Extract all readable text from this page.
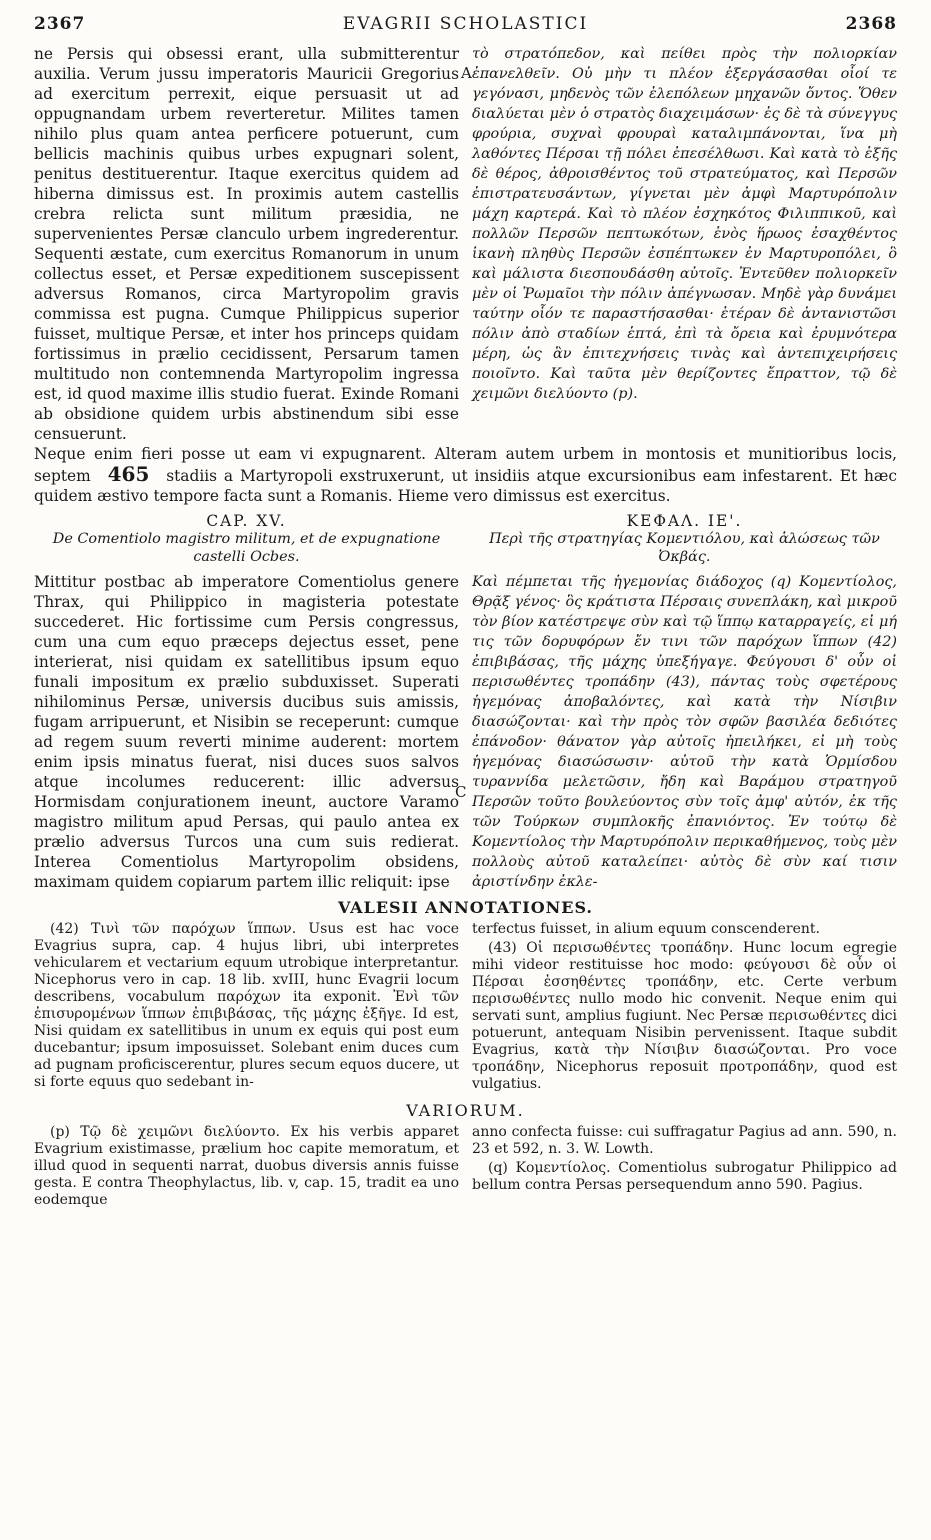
2367	EVAGRII SCHOLASTICI	2368
A
ne Persis qui obsessi erant, ulla submitterentur auxilia. Verum jussu imperatoris Mauricii Gregorius ad exercitum perrexit, eique persuasit ut ad oppugnandam urbem reverteretur. Milites tamen nihilo plus quam antea perficere potuerunt, cum bellicis machinis quibus urbes expugnari solent, penitus destituerentur. Itaque exercitus quidem ad hiberna dimissus est. In proximis autem castellis crebra relicta sunt militum præsidia, ne supervenientes Persæ clanculo urbem ingrederentur. Sequenti æstate, cum exercitus Romanorum in unum collectus esset, et Persæ expeditionem suscepissent adversus Romanos, circa Martyropolim gravis commissa est pugna. Cumque Philippicus superior fuisset, multique Persæ, et inter hos princeps quidam fortissimus in prælio cecidissent, Persarum tamen multitudo non contemnenda Martyropolim ingressa est, id quod maxime illis studio fuerat. Exinde Romani ab obsidione quidem urbis abstinendum sibi esse censuerunt.
τὸ στρατόπεδον, καὶ πείθει πρὸς τὴν πολιορκίαν ἐπανελθεῖν. Οὐ μὴν τι πλέον ἐξεργάσασθαι οἷοί τε γεγόνασι, μηδενὸς τῶν ἑλεπόλεων μηχανῶν ὄντος. Ὅθεν διαλύεται μὲν ὁ στρατὸς διαχειμάσων· ἐς δὲ τὰ σύνεγγυς φρούρια, συχναὶ φρουραὶ καταλιμπάνονται, ἵνα μὴ λαθόντες Πέρσαι τῇ πόλει ἐπεσέλθωσι. Καὶ κατὰ τὸ ἑξῆς δὲ θέρος, ἀθροισθέντος τοῦ στρατεύματος, καὶ Περσῶν ἐπιστρατευσάντων, γίγνεται μὲν ἀμφὶ Μαρτυρόπολιν μάχη καρτερά. Καὶ τὸ πλέον ἐσχηκότος Φιλιππικοῦ, καὶ πολλῶν Περσῶν πεπτωκότων, ἑνὸς ἥρωος ἐσαχθέντος ἱκανὴ πληθὺς Περσῶν ἐσπέπτωκεν ἐν Μαρτυροπόλει, ὃ καὶ μάλιστα διεσπουδάσθη αὐτοῖς. Ἐντεῦθεν πολιορκεῖν μὲν οἱ Ῥωμαῖοι τὴν πόλιν ἀπέγνωσαν. Μηδὲ γὰρ δυνάμει ταύτην οἷόν τε παραστήσασθαι· ἑτέραν δὲ ἀντανιστῶσι πόλιν ἀπὸ σταδίων ἑπτά, ἐπὶ τὰ ὄρεια καὶ ἐρυμνότερα μέρη, ὡς ἂν ἐπιτεχνήσεις τινὰς καὶ ἀντεπιχειρήσεις ποιοῖντο. Καὶ ταῦτα μὲν θερίζοντες ἔπραττον, τῷ δὲ χειμῶνι διελύοντο (p).
Neque enim fieri posse ut eam vi expugnarent. Alteram autem urbem in montosis et munitioribus locis, septem 465 stadiis a Martyropoli exstruxerunt, ut insidiis atque excursionibus eam infestarent. Et hæc quidem æstivo tempore facta sunt a Romanis. Hieme vero dimissus est exercitus.
C
CAP. XV.
De Comentiolo magistro militum, et de expugnatione castelli Ocbes.
Mittitur postbac ab imperatore Comentiolus genere Thrax, qui Philippico in magisteria potestate succederet. Hic fortissime cum Persis congressus, cum una cum equo præceps dejectus esset, pene interierat, nisi quidam ex satellitibus ipsum equo funali impositum ex prælio subduxisset. Superati nihilominus Persæ, universis ducibus suis amissis, fugam arripuerunt, et Nisibin se receperunt: cumque ad regem suum reverti minime auderent: mortem enim ipsis minatus fuerat, nisi duces suos salvos atque incolumes reducerent: illic adversus Hormisdam conjurationem ineunt, auctore Varamo magistro militum apud Persas, qui paulo antea ex prælio adversus Turcos una cum suis redierat. Interea Comentiolus Martyropolim obsidens, maximam quidem copiarum partem illic reliquit: ipse
ΚΕΦΑΛ. ΙΕ'.
Περὶ τῆς στρατηγίας Κομεντιόλου, καὶ ἁλώσεως τῶν Ὀκβάς.
Καὶ πέμπεται τῆς ἡγεμονίας διάδοχος (q) Κομεντίολος, Θρᾷξ γένος· ὃς κράτιστα Πέρσαις συνεπλάκη, καὶ μικροῦ τὸν βίον κατέστρεψε σὺν καὶ τῷ ἵππῳ καταρραγείς, εἰ μή τις τῶν δορυφόρων ἔν τινι τῶν παρόχων ἵππων (42) ἐπιβιβάσας, τῆς μάχης ὑπεξήγαγε. Φεύγουσι δ' οὖν οἱ περισωθέντες τροπάδην (43), πάντας τοὺς σφετέρους ἡγεμόνας ἀποβαλόντες, καὶ κατὰ τὴν Νίσιβιν διασώζονται· καὶ τὴν πρὸς τὸν σφῶν βασιλέα δεδιότες ἐπάνοδον· θάνατον γὰρ αὐτοῖς ἠπειλήκει, εἰ μὴ τοὺς ἡγεμόνας διασώσωσιν· αὐτοῦ τὴν κατὰ Ὁρμίσδου τυραννίδα μελετῶσιν, ἤδη καὶ Βαράμου στρατηγοῦ Περσῶν τοῦτο βουλεύοντος σὺν τοῖς ἀμφ' αὐτόν, ἐκ τῆς τῶν Τούρκων συμπλοκῆς ἐπανιόντος. Ἐν τούτῳ δὲ Κομεντίολος τὴν Μαρτυρόπολιν περικαθήμενος, τοὺς μὲν πολλοὺς αὐτοῦ καταλείπει· αὐτὸς δὲ σὺν καί τισιν ἀριστίνδην ἐκλε-
VALESII ANNOTATIONES.

(42) Τινὶ τῶν παρόχων ἵππων. Usus est hac voce Evagrius supra, cap. 4 hujus libri, ubi interpretes vehicularem et vectarium equum utrobique interpretantur. Nicephorus vero in cap. 18 lib. xvIII, hunc Evagrii locum describens, vocabulum παρόχων ita exponit. Ἐνὶ τῶν ἐπισυρομένων ἵππων ἐπιβιβάσας, τῆς μάχης ἐξῆγε. Id est, Nisi quidam ex satellitibus in unum ex equis qui post eum ducebantur; ipsum imposuisset. Solebant enim duces cum ad pugnam proficiscerentur, plures secum equos ducere, ut si forte equus quo sedebant in-

terfectus fuisset, in alium equum conscenderent.

(43) Οἱ περισωθέντες τροπάδην. Hunc locum egregie mihi videor restituisse hoc modo: φεύγουσι δὲ οὖν οἱ Πέρσαι ἐσσηθέντες τροπάδην, etc. Certe verbum περισωθέντες nullo modo hic convenit. Neque enim qui servati sunt, amplius fugiunt. Nec Persæ περισωθέντες dici potuerunt, antequam Nisibin pervenissent. Itaque subdit Evagrius, κατὰ τὴν Νίσιβιν διασώζονται. Pro voce τροπάδην, Nicephorus reposuit προτροπάδην, quod est vulgatius.

VARIORUM.

(p) Τῷ δὲ χειμῶνι διελύοντο. Ex his verbis apparet Evagrium existimasse, prælium hoc capite memoratum, et illud quod in sequenti narrat, duobus diversis annis fuisse gesta. E contra Theophylactus, lib. v, cap. 15, tradit ea uno eodemque

anno confecta fuisse: cui suffragatur Pagius ad ann. 590, n. 23 et 592, n. 3. W. Lowth.

(q) Κομεντίολος. Comentiolus subrogatur Philippico ad bellum contra Persas persequendum anno 590. Pagius.
